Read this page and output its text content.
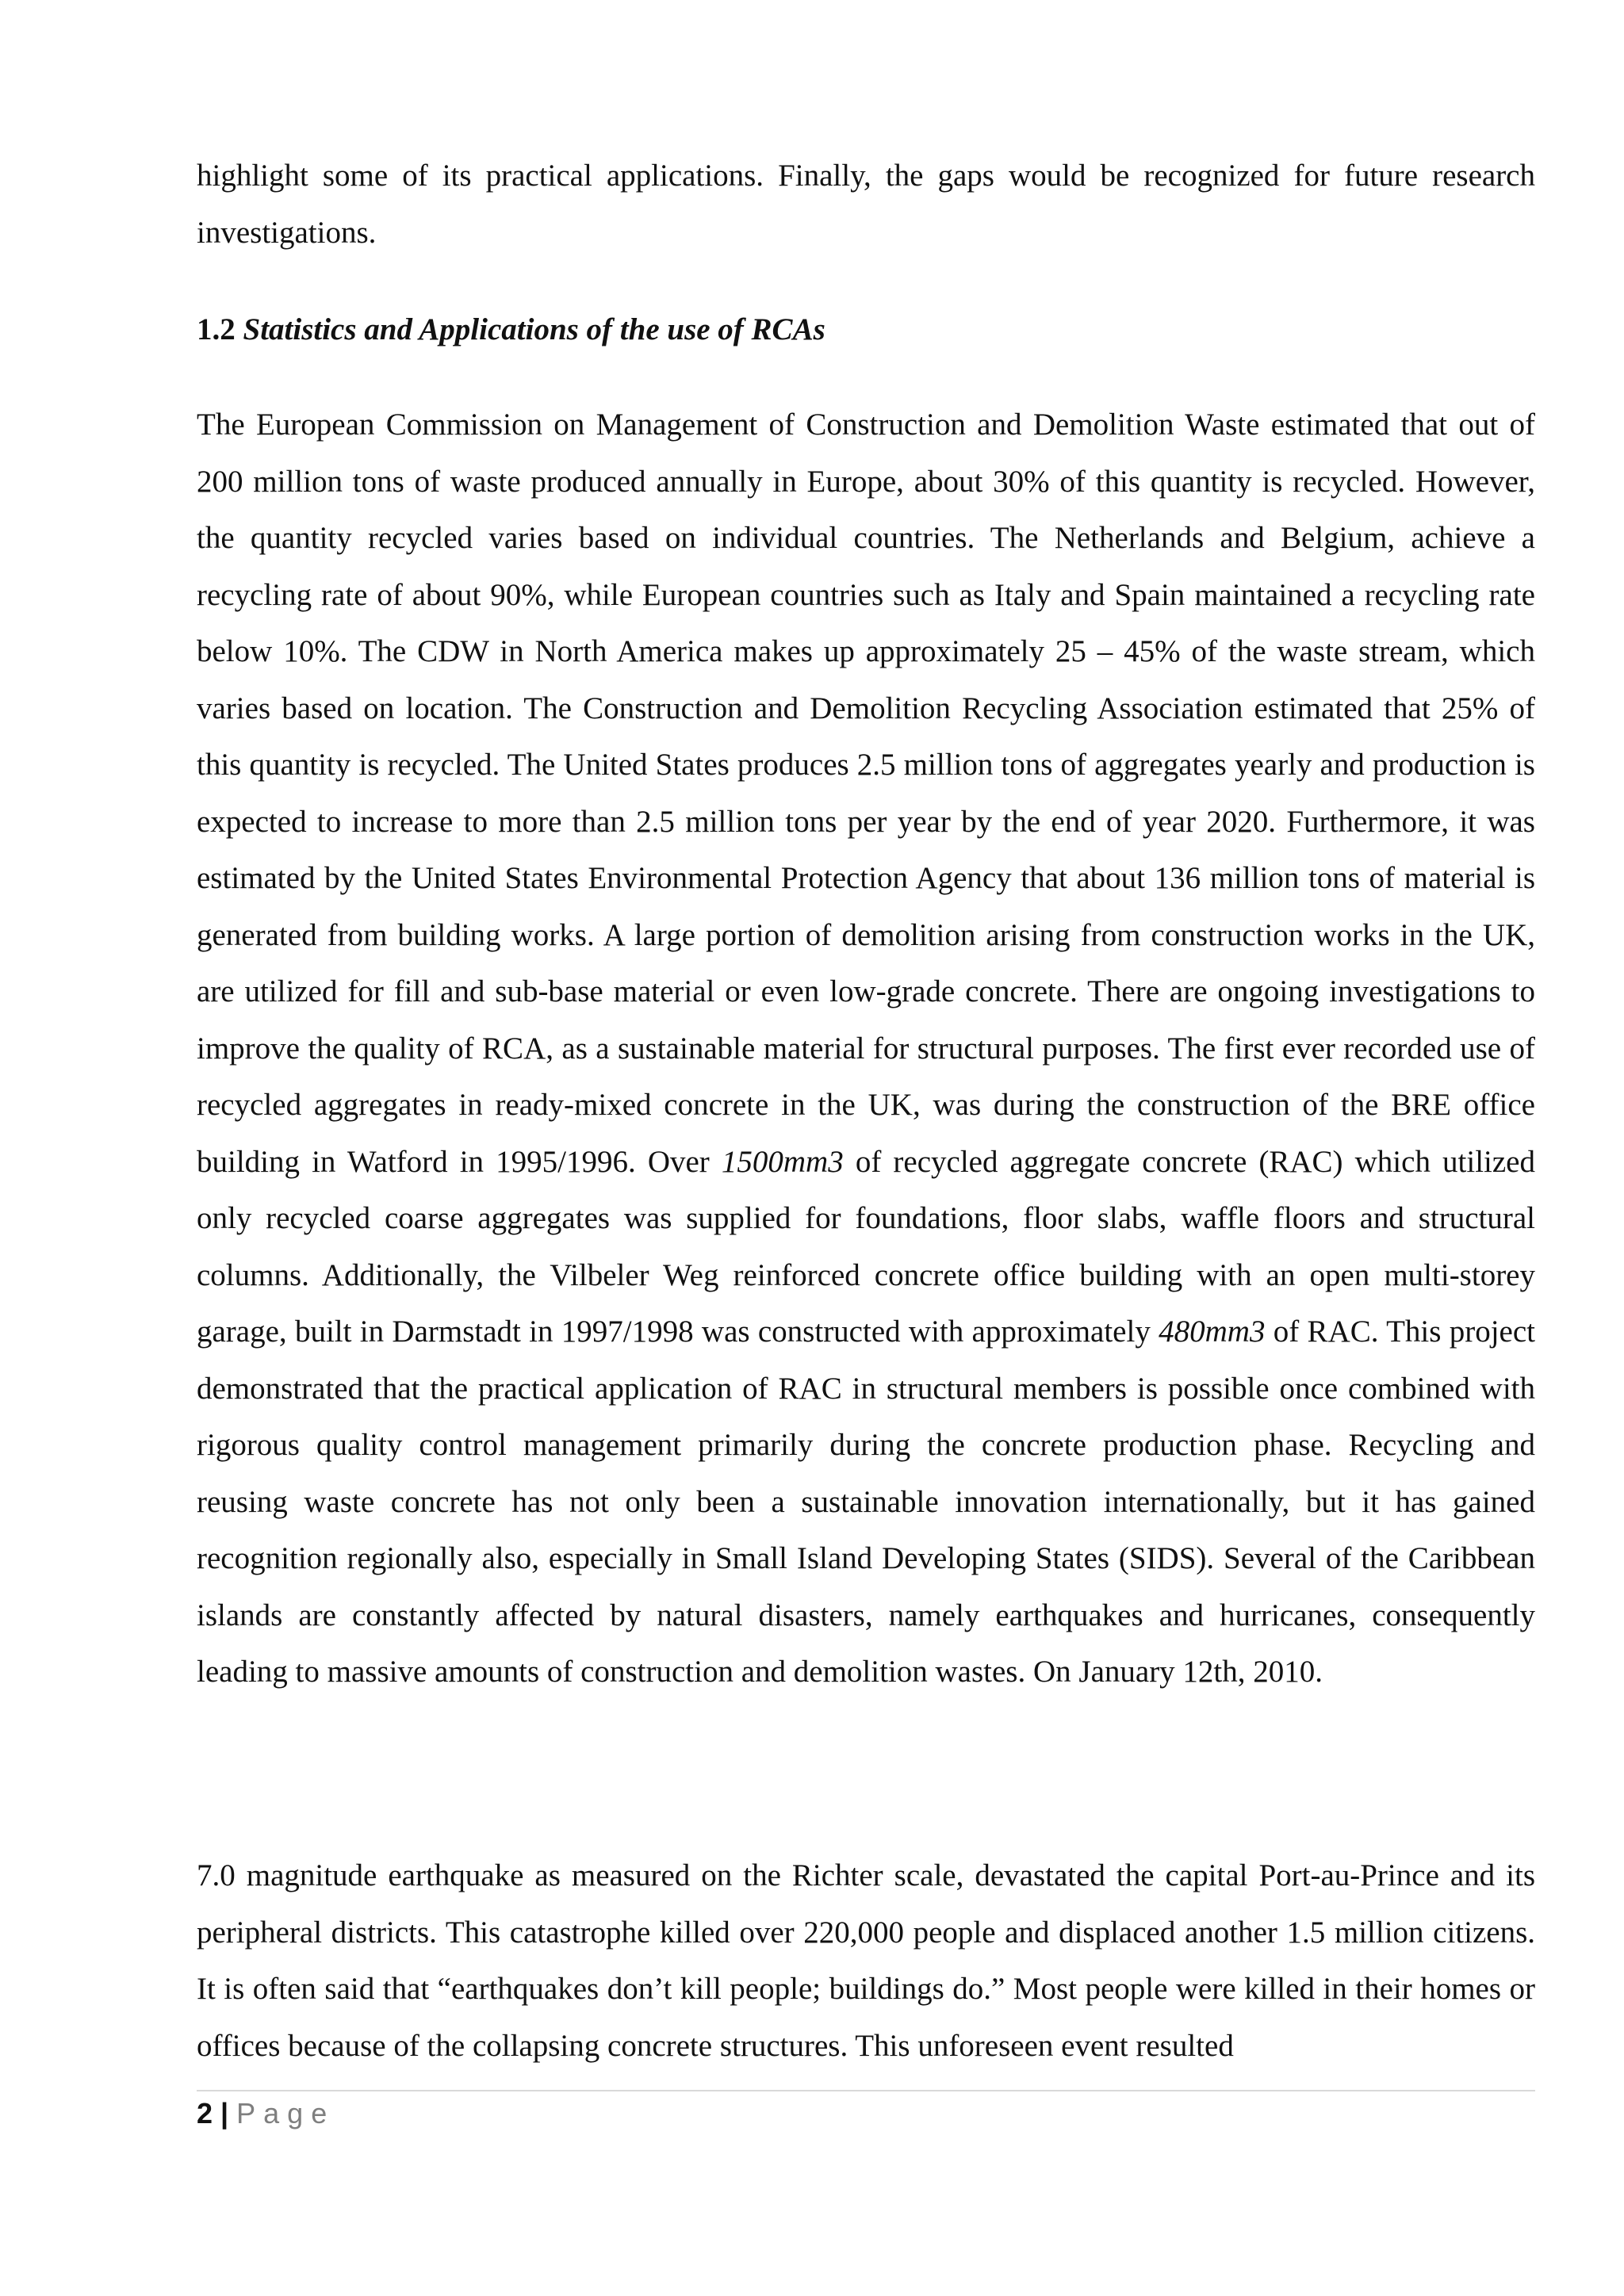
highlight some of its practical applications. Finally, the gaps would be recognized for future research investigations.

1.2 Statistics and Applications of the use of RCAs

The European Commission on Management of Construction and Demolition Waste estimated that out of 200 million tons of waste produced annually in Europe, about 30% of this quantity is recycled. However, the quantity recycled varies based on individual countries. The Netherlands and Belgium, achieve a recycling rate of about 90%, while European countries such as Italy and Spain maintained a recycling rate below 10%. The CDW in North America makes up approximately 25 – 45% of the waste stream, which varies based on location. The Construction and Demolition Recycling Association estimated that 25% of this quantity is recycled. The United States produces 2.5 million tons of aggregates yearly and production is expected to increase to more than 2.5 million tons per year by the end of year 2020. Furthermore, it was estimated by the United States Environmental Protection Agency that about 136 million tons of material is generated from building works. A large portion of demolition arising from construction works in the UK, are utilized for fill and sub-base material or even low-grade concrete. There are ongoing investigations to improve the quality of RCA, as a sustainable material for structural purposes. The first ever recorded use of recycled aggregates in ready-mixed concrete in the UK, was during the construction of the BRE office building in Watford in 1995/1996. Over 1500mm3 of recycled aggregate concrete (RAC) which utilized only recycled coarse aggregates was supplied for foundations, floor slabs, waffle floors and structural columns. Additionally, the Vilbeler Weg reinforced concrete office building with an open multi-storey garage, built in Darmstadt in 1997/1998 was constructed with approximately 480mm3 of RAC. This project demonstrated that the practical application of RAC in structural members is possible once combined with rigorous quality control management primarily during the concrete production phase. Recycling and reusing waste concrete has not only been a sustainable innovation internationally, but it has gained recognition regionally also, especially in Small Island Developing States (SIDS). Several of the Caribbean islands are constantly affected by natural disasters, namely earthquakes and hurricanes, consequently leading to massive amounts of construction and demolition wastes. On January 12th, 2010.

7.0 magnitude earthquake as measured on the Richter scale, devastated the capital Port-au-Prince and its peripheral districts. This catastrophe killed over 220,000 people and displaced another 1.5 million citizens. It is often said that “earthquakes don’t kill people; buildings do.” Most people were killed in their homes or offices because of the collapsing concrete structures. This unforeseen event resulted

2 | Page
